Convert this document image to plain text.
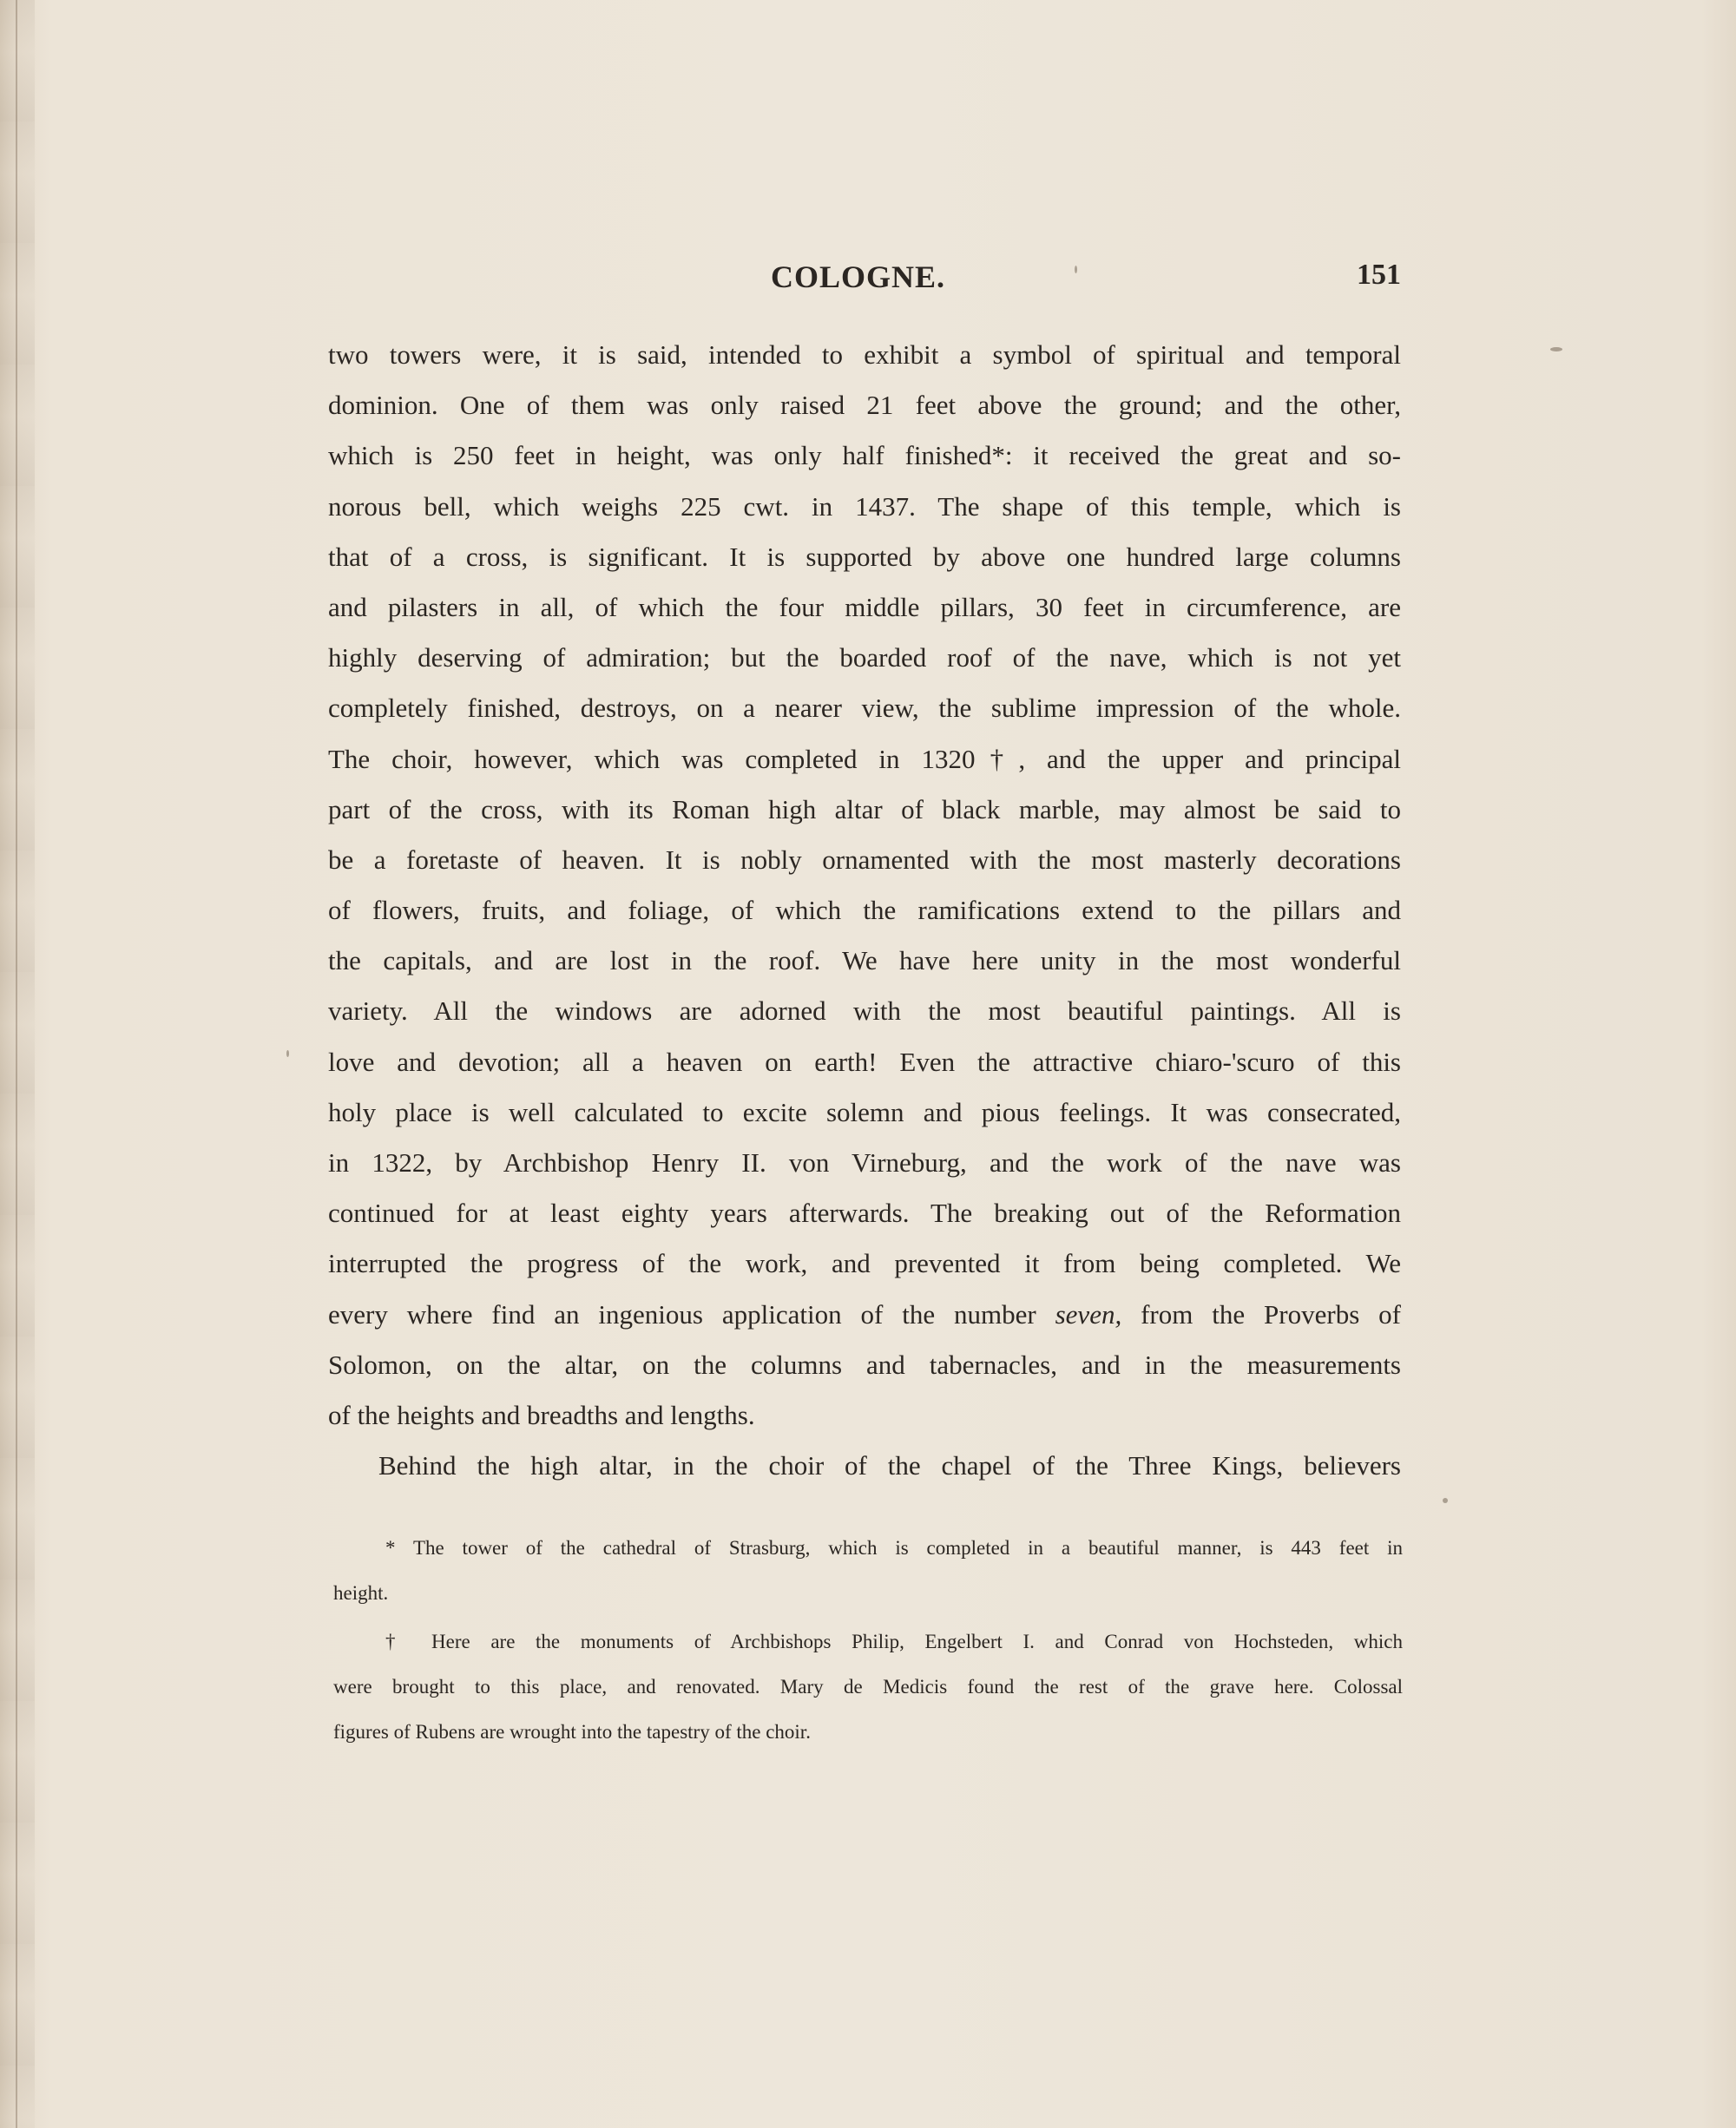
COLOGNE.	151
two towers were, it is said, intended to exhibit a symbol of spiritual and temporal
dominion. One of them was only raised 21 feet above the ground; and the other,
which is 250 feet in height, was only half finished*: it received the great and so-
norous bell, which weighs 225 cwt. in 1437. The shape of this temple, which is
that of a cross, is significant. It is supported by above one hundred large columns
and pilasters in all, of which the four middle pillars, 30 feet in circumference, are
highly deserving of admiration; but the boarded roof of the nave, which is not yet
completely finished, destroys, on a nearer view, the sublime impression of the whole.
The choir, however, which was completed in 1320†, and the upper and principal
part of the cross, with its Roman high altar of black marble, may almost be said to
be a foretaste of heaven. It is nobly ornamented with the most masterly decorations
of flowers, fruits, and foliage, of which the ramifications extend to the pillars and
the capitals, and are lost in the roof. We have here unity in the most wonderful
variety. All the windows are adorned with the most beautiful paintings. All is
love and devotion; all a heaven on earth! Even the attractive chiaro-'scuro of this
holy place is well calculated to excite solemn and pious feelings. It was consecrated,
in 1322, by Archbishop Henry II. von Virneburg, and the work of the nave was
continued for at least eighty years afterwards. The breaking out of the Reformation
interrupted the progress of the work, and prevented it from being completed. We
every where find an ingenious application of the number seven, from the Proverbs of
Solomon, on the altar, on the columns and tabernacles, and in the measurements
of the heights and breadths and lengths.
Behind the high altar, in the choir of the chapel of the Three Kings, believers
* The tower of the cathedral of Strasburg, which is completed in a beautiful manner, is 443 feet in
height.
† Here are the monuments of Archbishops Philip, Engelbert I. and Conrad von Hochsteden, which
were brought to this place, and renovated. Mary de Medicis found the rest of the grave here. Colossal
figures of Rubens are wrought into the tapestry of the choir.
